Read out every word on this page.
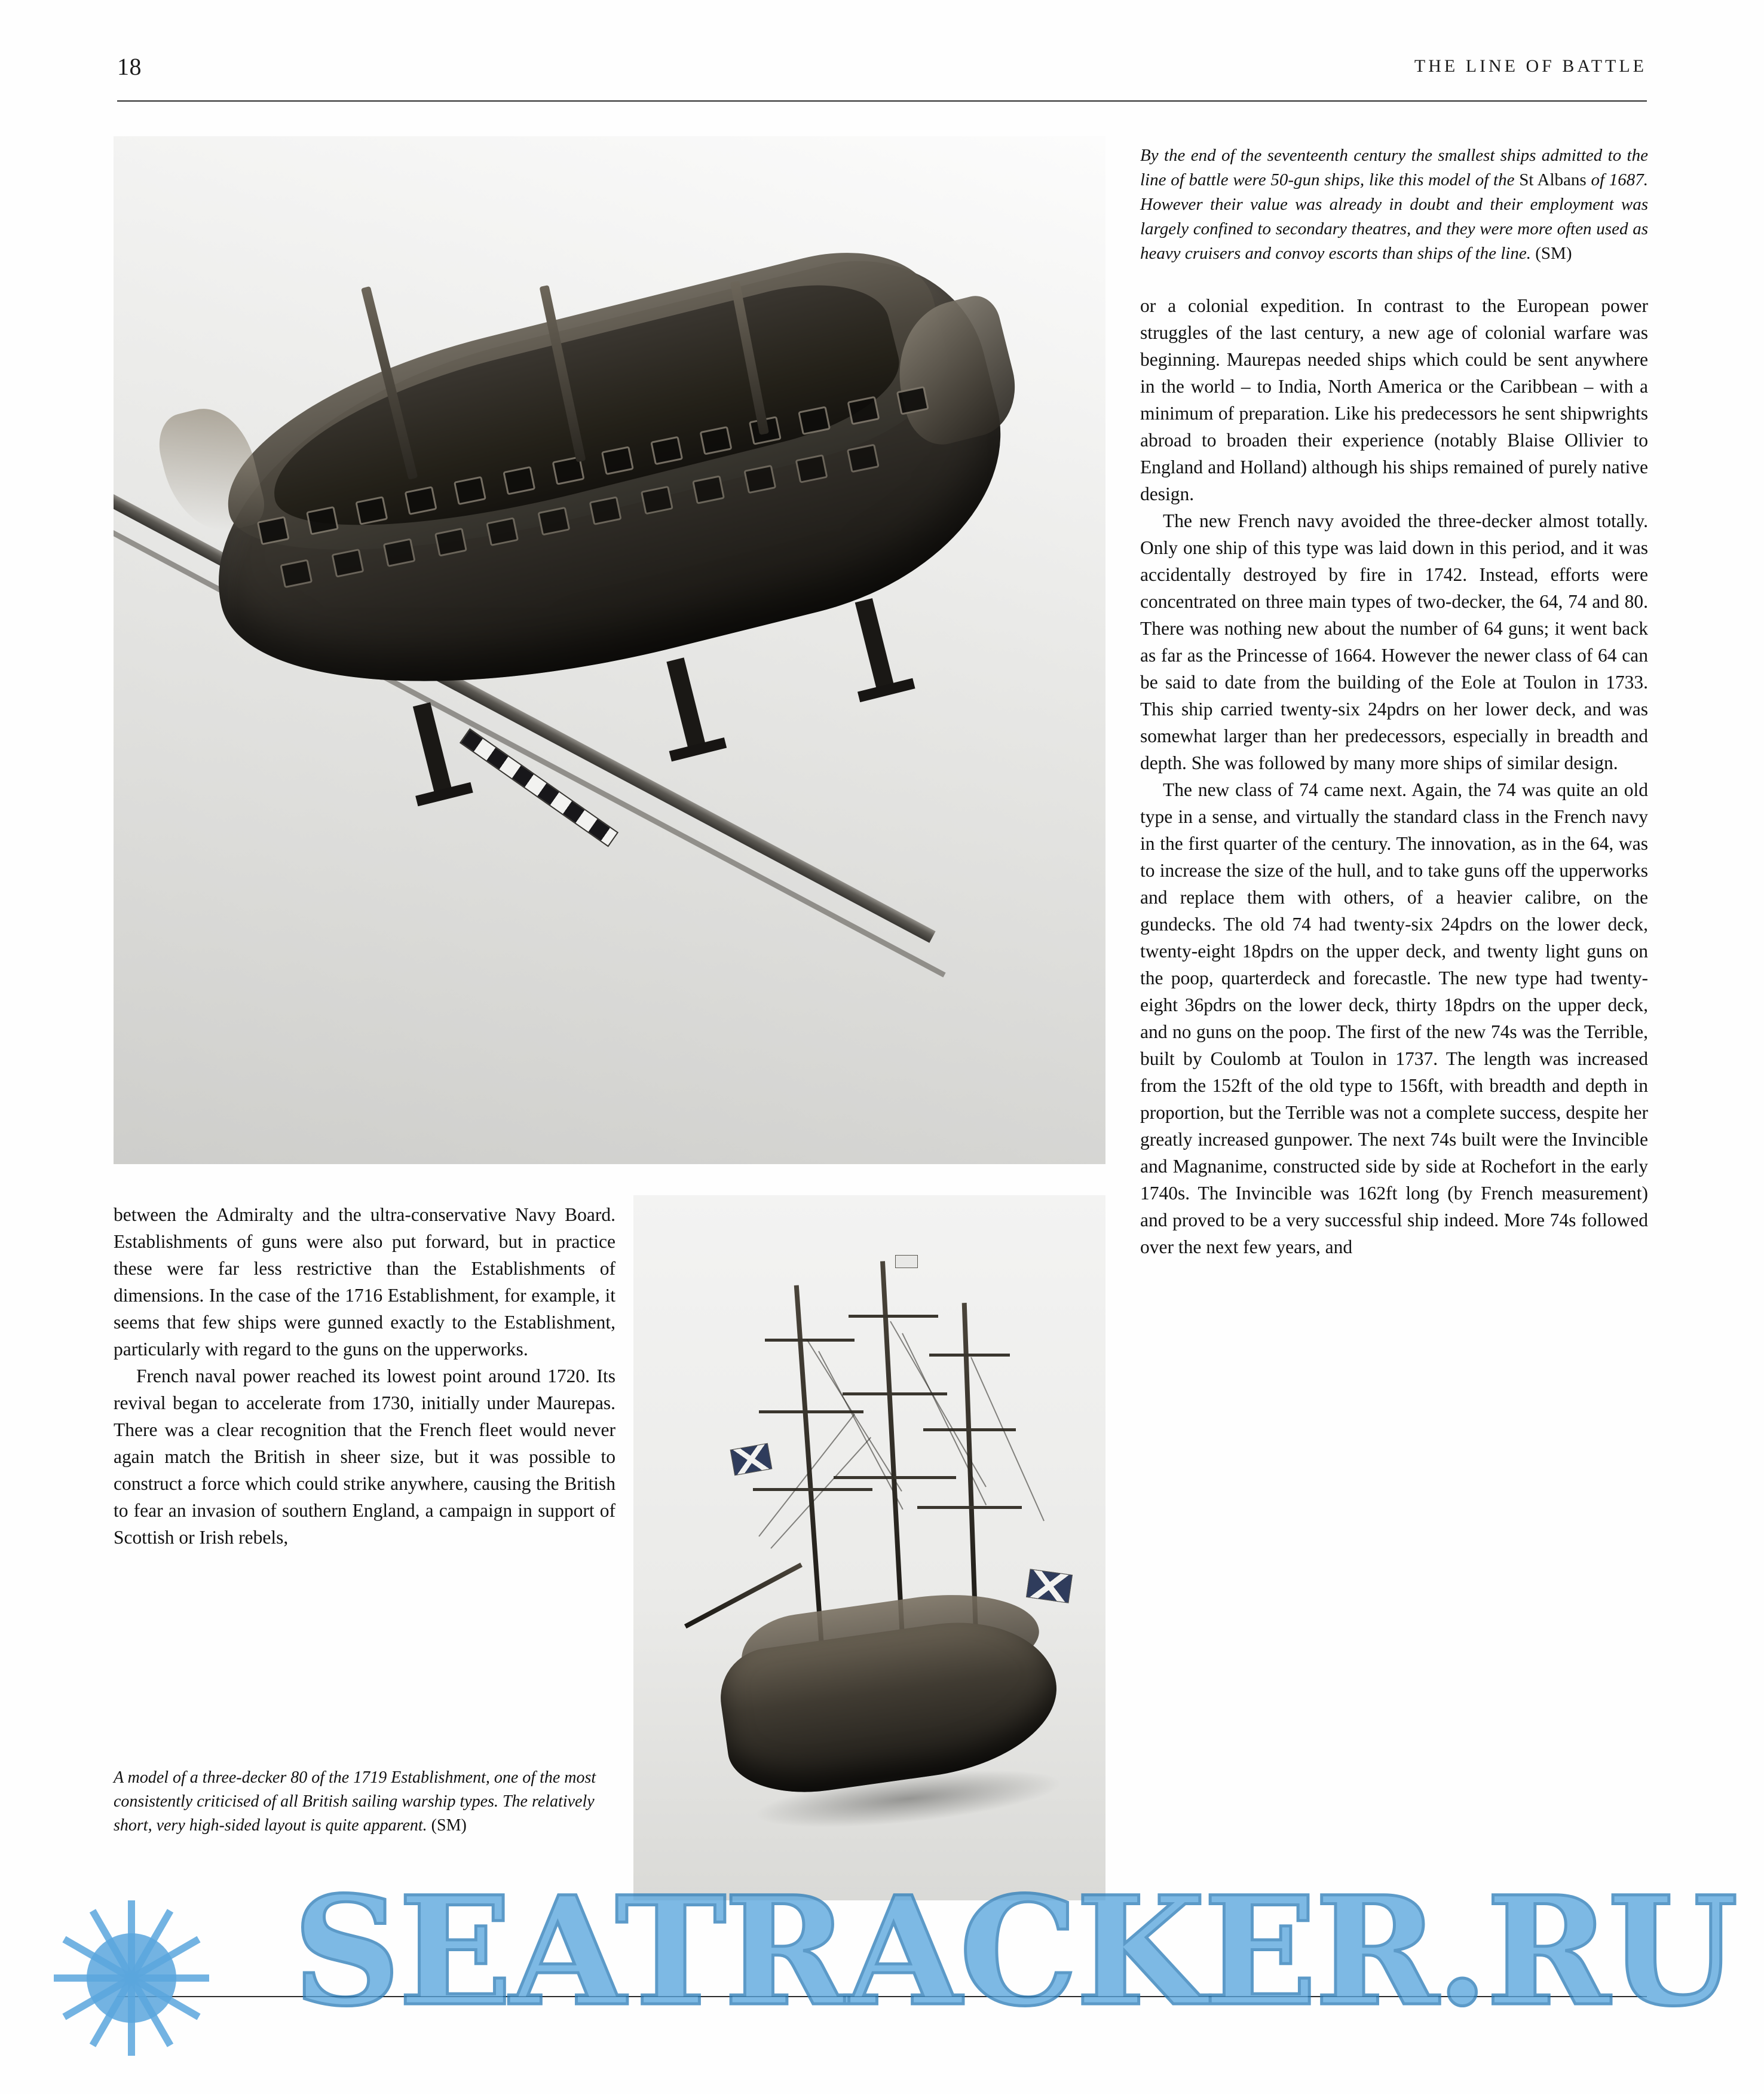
18	THE LINE OF BATTLE

By the end of the seventeenth century the smallest ships admitted to the line of battle were 50-gun ships, like this model of the St Albans of 1687. However their value was already in doubt and their employment was largely confined to secondary theatres, and they were more often used as heavy cruisers and convoy escorts than ships of the line. (SM)

or a colonial expedition. In contrast to the European power struggles of the last century, a new age of colonial warfare was beginning. Maurepas needed ships which could be sent anywhere in the world – to India, North America or the Caribbean – with a minimum of preparation. Like his predecessors he sent shipwrights abroad to broaden their experience (notably Blaise Ollivier to England and Holland) although his ships remained of purely native design.

The new French navy avoided the three-decker almost totally. Only one ship of this type was laid down in this period, and it was accidentally destroyed by fire in 1742. Instead, efforts were concentrated on three main types of two-decker, the 64, 74 and 80. There was nothing new about the number of 64 guns; it went back as far as the Princesse of 1664. However the newer class of 64 can be said to date from the building of the Eole at Toulon in 1733. This ship carried twenty-six 24pdrs on her lower deck, and was somewhat larger than her predecessors, especially in breadth and depth. She was followed by many more ships of similar design.

The new class of 74 came next. Again, the 74 was quite an old type in a sense, and virtually the standard class in the French navy in the first quarter of the century. The innovation, as in the 64, was to increase the size of the hull, and to take guns off the upperworks and replace them with others, of a heavier calibre, on the gundecks. The old 74 had twenty-six 24pdrs on the lower deck, twenty-eight 18pdrs on the upper deck, and twenty light guns on the poop, quarterdeck and forecastle. The new type had twenty-eight 36pdrs on the lower deck, thirty 18pdrs on the upper deck, and no guns on the poop. The first of the new 74s was the Terrible, built by Coulomb at Toulon in 1737. The length was increased from the 152ft of the old type to 156ft, with breadth and depth in proportion, but the Terrible was not a complete success, despite her greatly increased gunpower. The next 74s built were the Invincible and Magnanime, constructed side by side at Rochefort in the early 1740s. The Invincible was 162ft long (by French measurement) and proved to be a very successful ship indeed. More 74s followed over the next few years, and

between the Admiralty and the ultra-conservative Navy Board. Establishments of guns were also put forward, but in practice these were far less restrictive than the Establishments of dimensions. In the case of the 1716 Establishment, for example, it seems that few ships were gunned exactly to the Establishment, particularly with regard to the guns on the upperworks.

French naval power reached its lowest point around 1720. Its revival began to accelerate from 1730, initially under Maurepas. There was a clear recognition that the French fleet would never again match the British in sheer size, but it was possible to construct a force which could strike anywhere, causing the British to fear an invasion of southern England, a campaign in support of Scottish or Irish rebels,

A model of a three-decker 80 of the 1719 Establishment, one of the most consistently criticised of all British sailing warship types. The relatively short, very high-sided layout is quite apparent. (SM)
SEATRACKER.RU
